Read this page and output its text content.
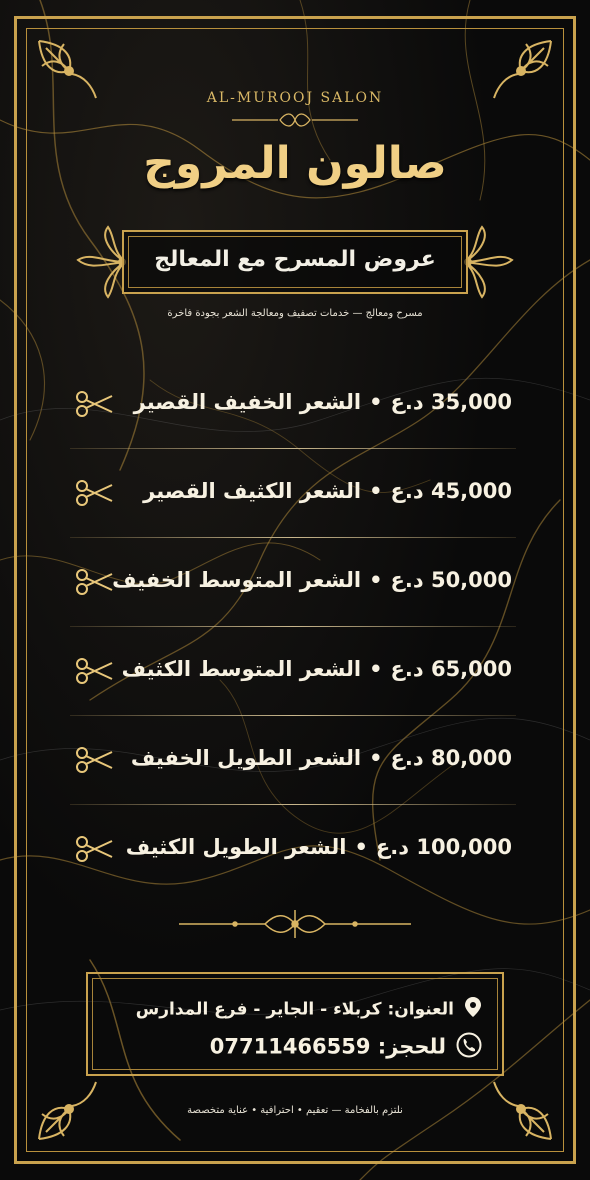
AL-MUROOJ SALON
صالون المروج
عروض المسرح مع المعالج
مسرح ومعالج — خدمات تصفيف ومعالجة الشعر بجودة فاخرة
35,000 د.ع•الشعر الخفيف القصير
45,000 د.ع•الشعر الكثيف القصير
50,000 د.ع•الشعر المتوسط الخفيف
65,000 د.ع•الشعر المتوسط الكثيف
80,000 د.ع•الشعر الطويل الخفيف
100,000 د.ع•الشعر الطويل الكثيف
العنوان: كربلاء - الجاير - فرع المدارس
للحجز: 07711466559
نلتزم بالفخامة — تعقيم • احترافية • عناية متخصصة
